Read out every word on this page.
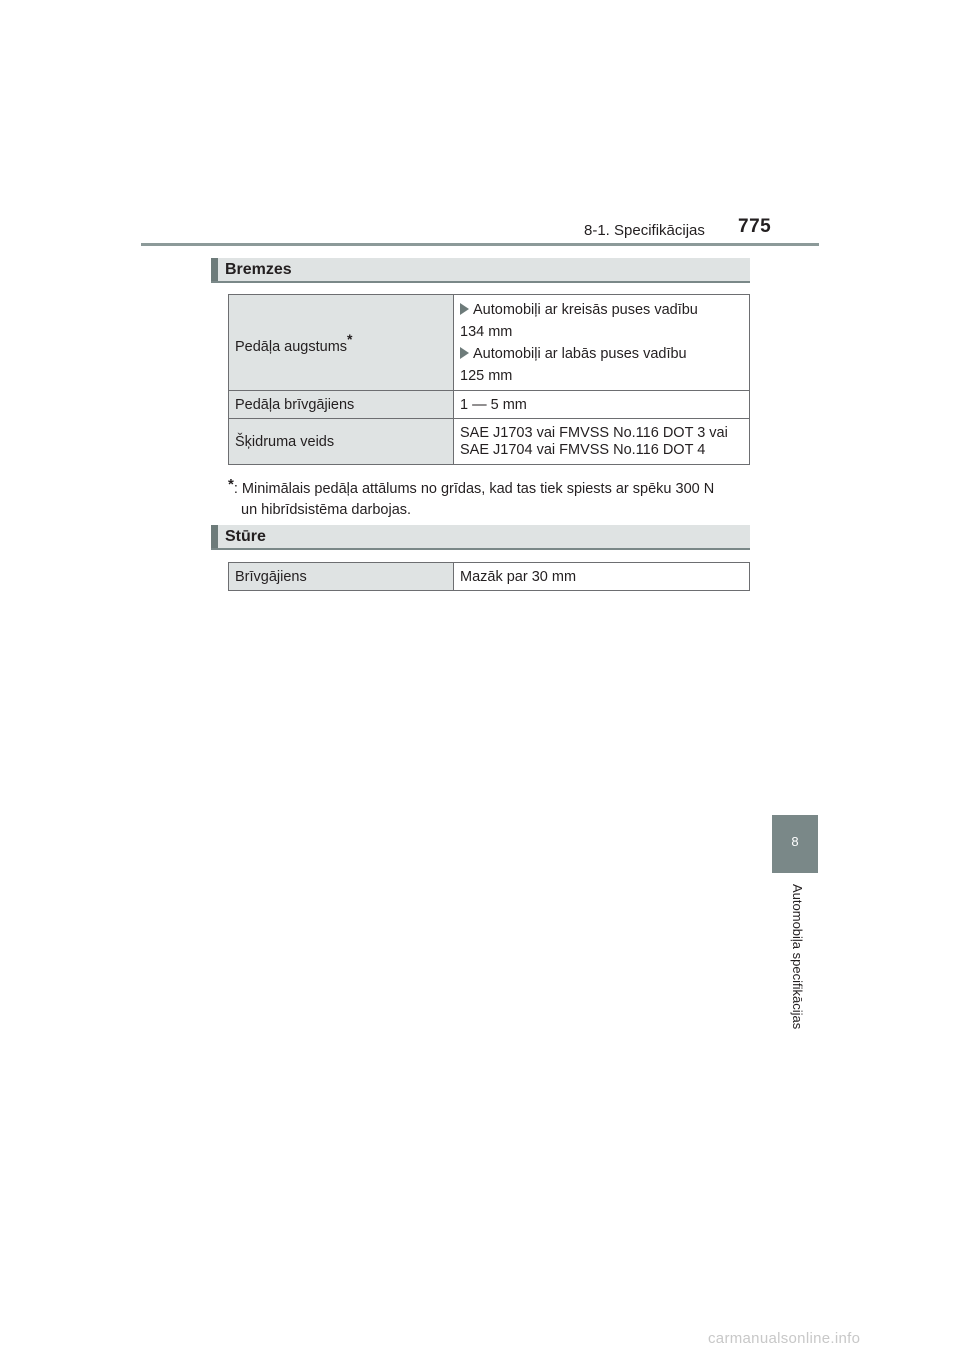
8-1. Specifikācijas 775
Bremzes
Pedāļa augstums*	Automobiļi ar kreisās puses vadību
134 mm
Automobiļi ar labās puses vadību
125 mm

Pedāļa brīvgājiens	1 — 5 mm
Šķidruma veids	SAE J1703 vai FMVSS No.116 DOT 3 vai
SAE J1704 vai FMVSS No.116 DOT 4
*: Minimālais pedāļa attālums no grīdas, kad tas tiek spiests ar spēku 300 N
un hibrīdsistēma darbojas.
Stūre
Brīvgājiens	Mazāk par 30 mm
8
Automobiļa specifikācijas
carmanualsonline.info
